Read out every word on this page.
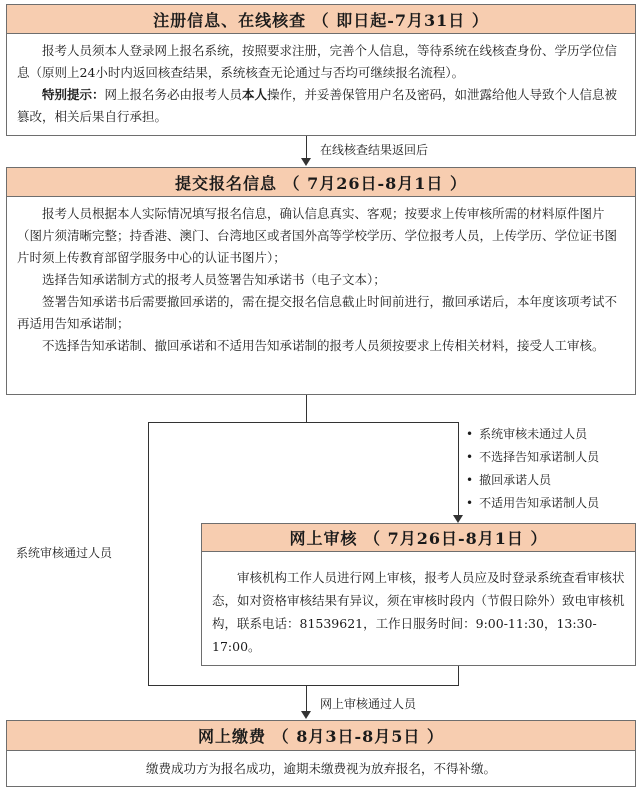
注册信息、在线核查 （ 即日起-7月31日 ）

报考人员须本人登录网上报名系统，按照要求注册，完善个人信息，等待系统在线核查身份、学历学位信息（原则上24小时内返回核查结果，系统核查无论通过与否均可继续报名流程）。

特别提示：网上报名务必由报考人员本人操作，并妥善保管用户名及密码，如泄露给他人导致个人信息被篡改，相关后果自行承担。

在线核查结果返回后
提交报名信息 （ 7月26日-8月1日 ）

报考人员根据本人实际情况填写报名信息，确认信息真实、客观；按要求上传审核所需的材料原件图片（图片须清晰完整；持香港、澳门、台湾地区或者国外高等学校学历、学位报考人员，上传学历、学位证书图片时须上传教育部留学服务中心的认证书图片）；

选择告知承诺制方式的报考人员签署告知承诺书（电子文本）；

签署告知承诺书后需要撤回承诺的，需在提交报名信息截止时间前进行，撤回承诺后，本年度该项考试不再适用告知承诺制；

不选择告知承诺制、撤回承诺和不适用告知承诺制的报考人员须按要求上传相关材料，接受人工审核。

系统审核通过人员
• 系统审核未通过人员
• 不选择告知承诺制人员
• 撤回承诺人员
• 不适用告知承诺制人员
网上审核 （ 7月26日-8月1日 ）

审核机构工作人员进行网上审核，报考人员应及时登录系统查看审核状态，如对资格审核结果有异议，须在审核时段内（节假日除外）致电审核机构，联系电话：81539621，工作日服务时间：9:00-11:30，13:30-17:00。

网上审核通过人员
网上缴费 （ 8月3日-8月5日 ）
缴费成功方为报名成功，逾期未缴费视为放弃报名，不得补缴。
